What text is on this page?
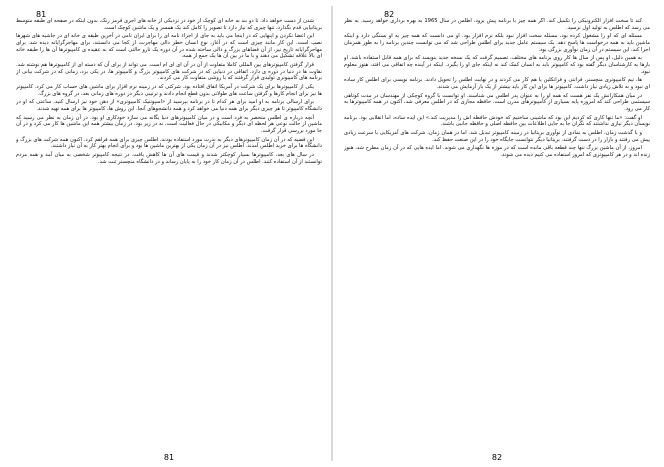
81

شدن از دست خواهد داد. تا دو بند به خانه ای کوچک از خود در نزدیکی از خانه های اجری قرمز رنگ، بدون اینکه در صفحه ای طبقه متوسط بریتانیایی قدم بگذارد، تنها چیزی که نیاز دارد تا تصویر را کامل کند یک همسر و یک ماشین کوچک است.

این اعضا نکردن و اینهایی که در اینجا می باید به جای از اجزاء نامه ای را برای ایران نامی در آخرین طبقه ی خانه ای در جاشیه های شهرها نصب است. این کار مانند چیزی است که در آغاز، نوع انسان خطر دالی مهاجرت، از کجا می دانستند، برای مهاجرگرایانه دیده شد. برای مهاجرگرایانه تاریخ نیز، از آن فضاهای بزرگ و دالی ساخته شده در آن دوره یک تارو حالتی است که به عقیده ی کامپیوترها آن ها را طبقه خانه ای بالا علاقه تشکیل می دهند و با ما در بین آن ها یک جمع از همه.

قرار گرفتن کامپیوترهای بین المللی کاملا متفاوت از آن در آن ای ای ام است. می تواند از برای آن که دسته ای از کامپیوترها هم نوشته شد. نقاوت ها در دنیا در دوره ی دارد. اتفاقی در دنیایی که در شرکت های کامپیوتر بزرگ و کامپیوتر ها، در یکی برد، زمانی که در شرکت بیانی از برنامه های کامپیوتری تولیدی قرار گرفتند که با روشی متفاوت کار می کردند.

یکی از کامپیوترها برای یک شرکت در آمریکا اتفاق افتاده بود. شرکتی که در زمینه نرم افزار برای ماشین های حساب کار می کرد. کامپیوتر ها نیز برای انجام کارها و گرفتن ساعت های طولانی بدون قطع انجام دادند و ترتیبی دیگر در دوره های زمانی بعد، در گروه های بزرگ.

برای ارسالی برنامه به او امید برای هر کدام تا در برنامه بپرسید از «اسپوتنیک کامپیوتری» از ذهن خود نیز ارسال کنید. ساعتی که او در دانشگاه کامپیوتر تا هر چیزی دیگر برای همه دنیا می خواهد کرد و همه دانشجوهای آنجا. این روش ها، کامپیوتر ها برای همه تهیه شدند.

آنچه درباره ی اطلس متحصر به فرد است و در میان کامپیوترهای دنیا یگانه می سازد خودکاری او بود. در آن زمان به نظر می رسید که ماشین از حالت نوعی هر لحظه ای دیگر و مکانیکی در حال فعالیت است، نه در زیر بود. در زمان بیشتر همه این ماشین ها کار می کرد و در آن جا مورد بررسی قرار گرفت.

این قضیه که در آن زمان کامپیوترهای دیگر به ندرت مورد استفاده بودند، اطلس چیزی برای همه فراهم کرد. اکنون همه شرکت های بزرگ و دانشگاه ها برای خرید اطلس آمدند. اطلس نیز در آن زمان یکی از بهترین ماشین ها بود و برای انجام بهتر کار به آن نیاز داشتند.

در سال های بعد، کامپیوترها بسیار کوچکتر شدند و قیمت های آن ها کاهش یافت. در نتیجه کامپیوتر شخصی به میان آمد و همه مردم توانستند از آن استفاده کنند. اطلس در آن زمان کار خود را به پایان رساند و در دانشگاه منچستر ثبت شد.

81
82

کند تا سخت افزار الکترونیکی را تکمیل کند. اگر همه چیز با برنامه پیش برود، اطلس در سال 1965 به بهره برداری خواهد رسید. به نظر می رسد که اطلس به تولید اول نرسید.

مسئله ای که او را مشغول کرده بود، مسئله سخت افزار نبود بلکه نرم افزار بود. او می دانست که همه چیز به او بستگی دارد و اینکه ماشین باید به همه درخواست ها پاسخ دهد. یک سیستم عامل جدید برای اطلس طراحی شد که می توانست چندین برنامه را به طور همزمان اجرا کند. این سیستم در آن زمان نوآوری بزرگی بود.

به همین دلیل، او پس از سال ها کار روی برنامه های مختلف، تصمیم گرفت که یک نسخه جدید بنویسد که برای همه قابل استفاده باشد. او بارها به کارشناسان دیگر گفته بود که کامپیوتر باید به انسان کمک کند نه اینکه جای او را بگیرد. اینکه در آینده چه اتفاقی می افتد، هنوز معلوم نبود.

ها، تیم کامپیوتری منچستر، فرانتی و فرانکلین با هم کار می کردند و در نهایت اطلس را تحویل دادند. برنامه نویسی برای اطلس کار ساده ای نبود و به تلاش زیادی نیاز داشت. کامپیوتر ها برای این کار باید بیشتر از یک بار آزمایش می شدند.

در میان همکارانش یک نفر هست که همه او را به عنوان پدر اطلس می شناسند. او توانست با گروه کوچکی از مهندسان در مدت کوتاهی سیستمی طراحی کند که امروزه پایه بسیاری از کامپیوترهای مدرن است. حافظه مجازی که در اطلس معرفی شد، اکنون در همه کامپیوترها به کار می رود.

او گفت: «ما تنها کاری که کردیم این بود که ماشینی ساختیم که خودش حافظه اش را مدیریت کند.» این ایده ساده، اما انقلابی بود. برنامه نویسان دیگر نیازی نداشتند که نگران جا به جایی اطلاعات بین حافظه اصلی و حافظه جانبی باشند.

و با گذشت زمان، اطلس به نمادی از نوآوری بریتانیا در زمینه کامپیوتر تبدیل شد. اما در همان زمان، شرکت های آمریکایی با سرعت زیادی پیش می رفتند و بازار را در دست گرفتند. بریتانیا دیگر نتوانست جایگاه خود را در این صنعت حفظ کند.

امروز، از آن ماشین بزرگ تنها چند قطعه باقی مانده است که در موزه ها نگهداری می شوند. اما ایده هایی که در آن زمان مطرح شد، هنوز زنده اند و در هر کامپیوتری که امروز استفاده می کنیم دیده می شوند.

82
